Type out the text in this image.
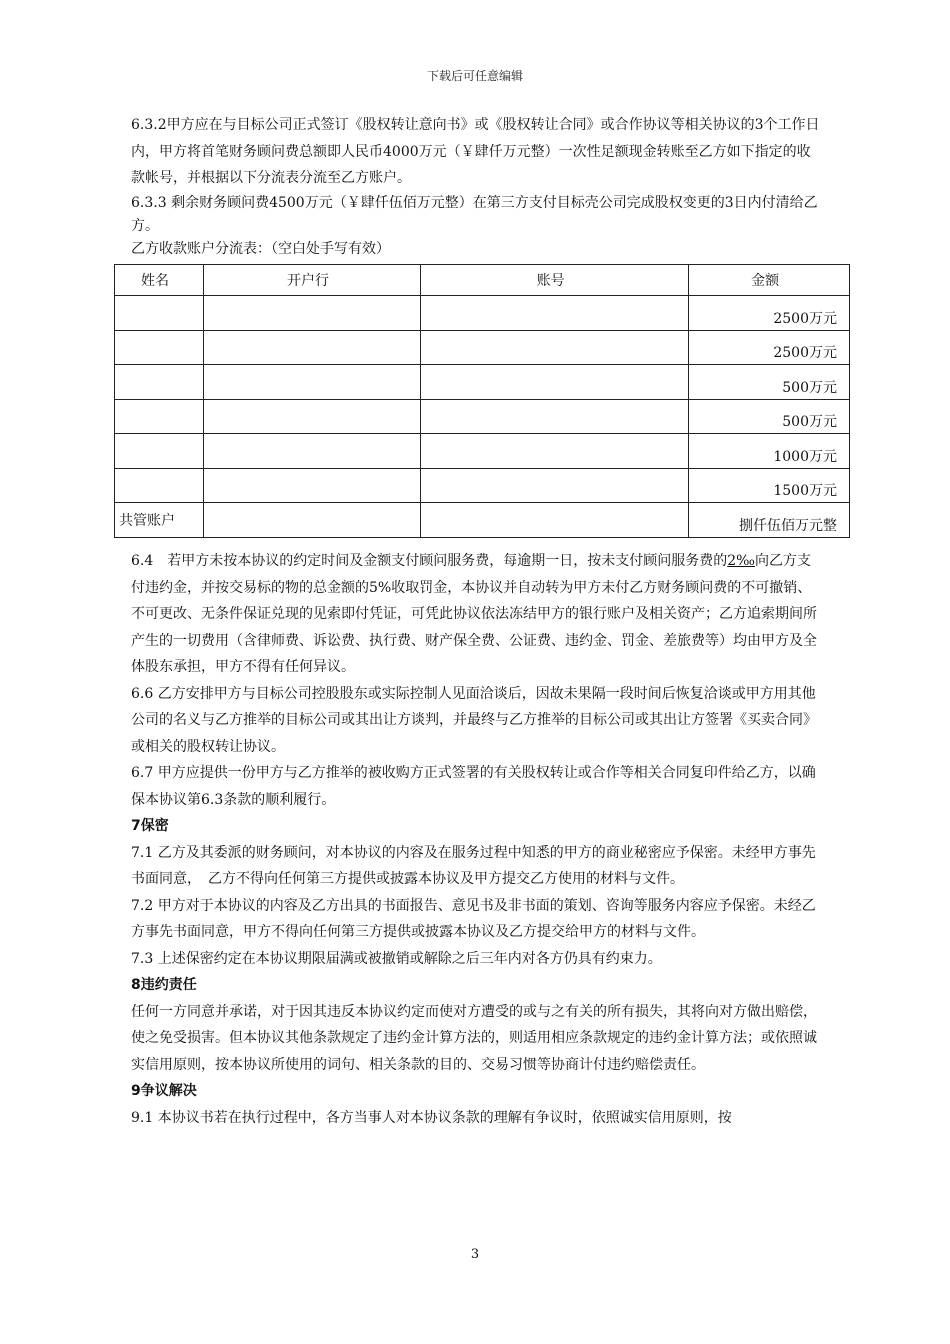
下载后可任意编辑

6.3.2甲方应在与目标公司正式签订《股权转让意向书》或《股权转让合同》或合作协议等相关协议的3个工作日内，甲方将首笔财务顾问费总额即人民币4000万元（￥肆仟万元整）一次性足额现金转账至乙方如下指定的收款帐号，并根据以下分流表分流至乙方账户。

6.3.3 剩余财务顾问费4500万元（￥肆仟伍佰万元整）在第三方支付目标壳公司完成股权变更的3日内付清给乙方。

乙方收款账户分流表：（空白处手写有效）

姓名	开户行	账号	金额
			2500万元
			2500万元
			500万元
			500万元
			1000万元
			1500万元
共管账户			捌仟伍佰万元整

6.4　若甲方未按本协议的约定时间及金额支付顾问服务费，每逾期一日，按未支付顾问服务费的2‰向乙方支付违约金，并按交易标的物的总金额的5%收取罚金，本协议并自动转为甲方未付乙方财务顾问费的不可撤销、不可更改、无条件保证兑现的见索即付凭证，可凭此协议依法冻结甲方的银行账户及相关资产；乙方追索期间所产生的一切费用（含律师费、诉讼费、执行费、财产保全费、公证费、违约金、罚金、差旅费等）均由甲方及全体股东承担，甲方不得有任何异议。

6.6 乙方安排甲方与目标公司控股股东或实际控制人见面洽谈后，因故未果隔一段时间后恢复洽谈或甲方用其他公司的名义与乙方推举的目标公司或其出让方谈判，并最终与乙方推举的目标公司或其出让方签署《买卖合同》或相关的股权转让协议。

6.7 甲方应提供一份甲方与乙方推举的被收购方正式签署的有关股权转让或合作等相关合同复印件给乙方，以确保本协议第6.3条款的顺利履行。

7保密

7.1 乙方及其委派的财务顾问，对本协议的内容及在服务过程中知悉的甲方的商业秘密应予保密。未经甲方事先书面同意，　乙方不得向任何第三方提供或披露本协议及甲方提交乙方使用的材料与文件。

7.2 甲方对于本协议的内容及乙方出具的书面报告、意见书及非书面的策划、咨询等服务内容应予保密。未经乙方事先书面同意，甲方不得向任何第三方提供或披露本协议及乙方提交给甲方的材料与文件。

7.3 上述保密约定在本协议期限届满或被撤销或解除之后三年内对各方仍具有约束力。

8违约责任

任何一方同意并承诺，对于因其违反本协议约定而使对方遭受的或与之有关的所有损失，其将向对方做出赔偿，使之免受损害。但本协议其他条款规定了违约金计算方法的，则适用相应条款规定的违约金计算方法；或依照诚实信用原则，按本协议所使用的词句、相关条款的目的、交易习惯等协商计付违约赔偿责任。

9争议解决

9.1 本协议书若在执行过程中，各方当事人对本协议条款的理解有争议时，依照诚实信用原则，按

3
